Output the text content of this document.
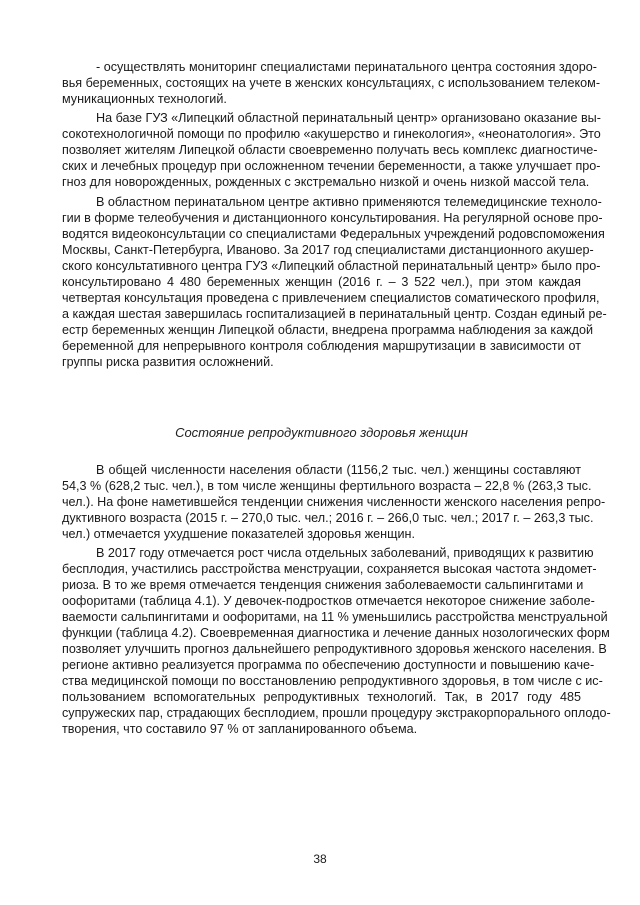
- осуществлять мониторинг специалистами перинатального центра состояния здоро-
вья беременных, состоящих на учете в женских консультациях, с использованием телеком-
муникационных технологий.
На базе ГУЗ «Липецкий областной перинатальный центр» организовано оказание вы-
сокотехнологичной помощи по профилю «акушерство и гинекология», «неонатология». Это
позволяет жителям Липецкой области своевременно получать весь комплекс диагностиче-
ских и лечебных процедур при осложненном течении беременности, а также улучшает про-
гноз для новорожденных, рожденных с экстремально низкой и очень низкой массой тела.
В областном перинатальном центре активно применяются телемедицинские техноло-
гии в форме телеобучения и дистанционного консультирования. На регулярной основе про-
водятся видеоконсультации со специалистами Федеральных учреждений родовспоможения
Москвы, Санкт-Петербурга, Иваново. За 2017 год специалистами дистанционного акушер-
ского консультативного центра ГУЗ «Липецкий областной перинатальный центр» было про-
консультировано 4 480 беременных женщин (2016 г. – 3 522 чел.), при этом каждая
четвертая консультация проведена с привлечением специалистов соматического профиля,
а каждая шестая завершилась госпитализацией в перинатальный центр. Создан единый ре-
естр беременных женщин Липецкой области, внедрена программа наблюдения за каждой
беременной для непрерывного контроля соблюдения маршрутизации в зависимости от
группы риска развития осложнений.
Состояние репродуктивного здоровья женщин
В общей численности населения области (1156,2 тыс. чел.) женщины составляют
54,3 % (628,2 тыс. чел.), в том числе женщины фертильного возраста – 22,8 % (263,3 тыс.
чел.). На фоне наметившейся тенденции снижения численности женского населения репро-
дуктивного возраста (2015 г. – 270,0 тыс. чел.; 2016 г. – 266,0 тыс. чел.; 2017 г. – 263,3 тыс.
чел.) отмечается ухудшение показателей здоровья женщин.
В 2017 году отмечается рост числа отдельных заболеваний, приводящих к развитию
бесплодия, участились расстройства менструации, сохраняется высокая частота эндомет-
риоза. В то же время отмечается тенденция снижения заболеваемости сальпингитами и
оофоритами (таблица 4.1). У девочек-подростков отмечается некоторое снижение заболе-
ваемости сальпингитами и оофоритами, на 11 % уменьшились расстройства менструальной
функции (таблица 4.2). Своевременная диагностика и лечение данных нозологических форм
позволяет улучшить прогноз дальнейшего репродуктивного здоровья женского населения. В
регионе активно реализуется программа по обеспечению доступности и повышению каче-
ства медицинской помощи по восстановлению репродуктивного здоровья, в том числе с ис-
пользованием вспомогательных репродуктивных технологий. Так, в 2017 году 485
супружеских пар, страдающих бесплодием, прошли процедуру экстракорпорального оплодо-
творения, что составило 97 % от запланированного объема.
38
